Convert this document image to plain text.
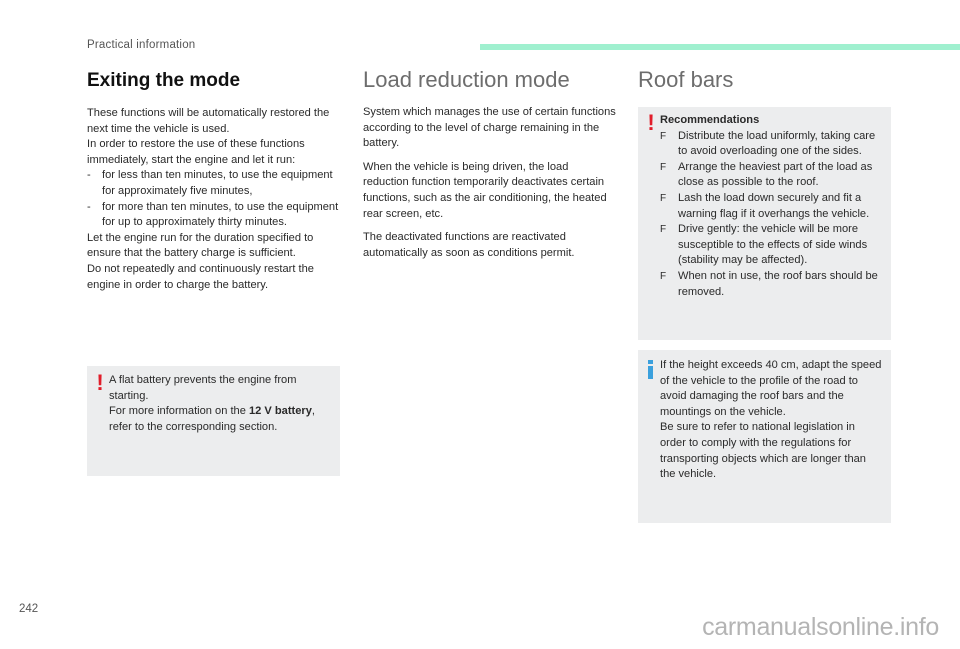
Practical information
Exiting the mode

These functions will be automatically restored the next time the vehicle is used.

In order to restore the use of these functions immediately, start the engine and let it run:

- for less than ten minutes, to use the equipment for approximately five minutes,
- for more than ten minutes, to use the equipment for up to approximately thirty minutes.

Let the engine run for the duration specified to ensure that the battery charge is sufficient.

Do not repeatedly and continuously restart the engine in order to charge the battery.

! A flat battery prevents the engine from starting.
For more information on the 12 V battery, refer to the corresponding section.
Load reduction mode

System which manages the use of certain functions according to the level of charge remaining in the battery.

When the vehicle is being driven, the load reduction function temporarily deactivates certain functions, such as the air conditioning, the heated rear screen, etc.

The deactivated functions are reactivated automatically as soon as conditions permit.

Roof bars
! Recommendations
F Distribute the load uniformly, taking care to avoid overloading one of the sides.
F Arrange the heaviest part of the load as close as possible to the roof.
F Lash the load down securely and fit a warning flag if it overhangs the vehicle.
F Drive gently: the vehicle will be more susceptible to the effects of side winds (stability may be affected).
F When not in use, the roof bars should be removed.
If the height exceeds 40 cm, adapt the speed of the vehicle to the profile of the road to avoid damaging the roof bars and the mountings on the vehicle.
Be sure to refer to national legislation in order to comply with the regulations for transporting objects which are longer than the vehicle.
242
carmanualsonline.info
